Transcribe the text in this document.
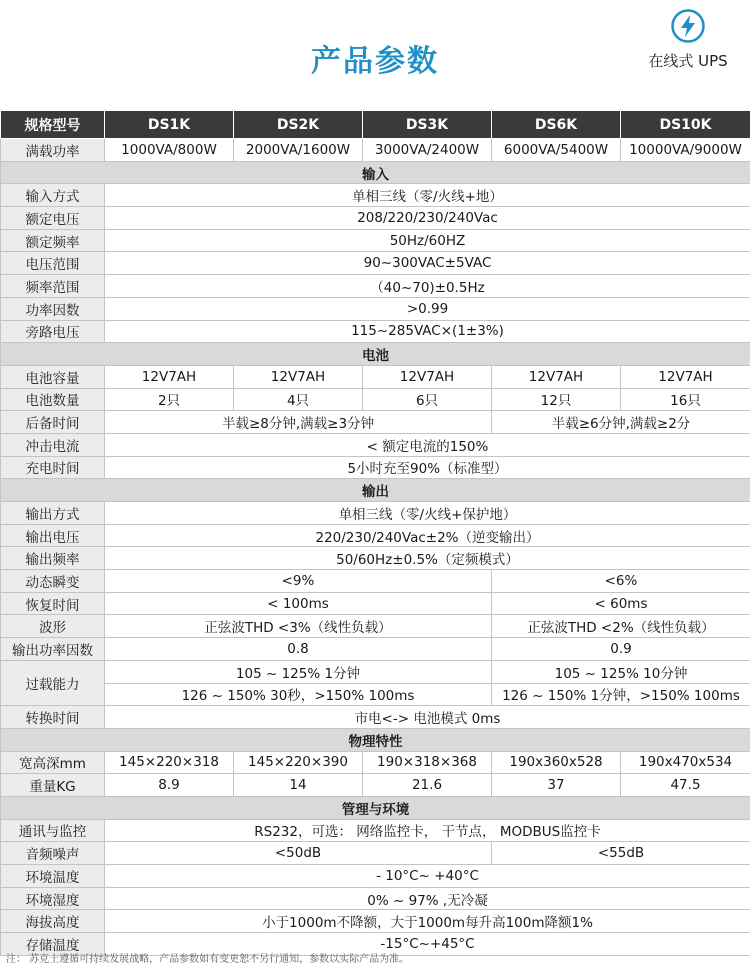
产品参数	在线式 UPS
规格型号	DS1K	DS2K	DS3K	DS6K	DS10K
满载功率	1000VA/800W	2000VA/1600W	3000VA/2400W	6000VA/5400W	10000VA/9000W
输入					
输入方式	单相三线（零/火线+地）				
额定电压	208/220/230/240Vac				
额定频率	50Hz/60HZ				
电压范围	90~300VAC±5VAC				
频率范围	（40~70)±0.5Hz				
功率因数	>0.99				
旁路电压	115~285VAC×(1±3%)				
电池					
电池容量	12V7AH	12V7AH	12V7AH	12V7AH	12V7AH
电池数量	2只	4只	6只	12只	16只
后备时间	半载≥8分钟,满载≥3分钟			半载≥6分钟,满载≥2分	
冲击电流	< 额定电流的150%				
充电时间	5小时充至90%（标准型）				
输出					
输出方式	单相三线（零/火线+保护地）				
输出电压	220/230/240Vac±2%（逆变输出）				
输出频率	50/60Hz±0.5%（定频模式）				
动态瞬变	<9%			<6%	
恢复时间	< 100ms			< 60ms	
波形	正弦波THD <3%（线性负载）			正弦波THD <2%（线性负载）	
输出功率因数	0.8			0.9	
过载能力	105 ~ 125% 1分钟			105 ~ 125% 10分钟	
	126 ~ 150% 30秒，>150% 100ms			126 ~ 150% 1分钟，>150% 100ms	
转换时间	市电<-> 电池模式 0ms				
物理特性					
宽高深mm	145×220×318	145×220×390	190×318×368	190x360x528	190x470x534
重量KG	8.9	14	21.6	37	47.5
管理与环境					
通讯与监控	RS232，可选： 网络监控卡， 干节点， MODBUS监控卡				
音频噪声	<50dB			<55dB	
环境温度	- 10°C~ +40°C				
环境湿度	0% ~ 97% ,无冷凝				
海拔高度	小于1000m不降额，大于1000m每升高100m降额1%				
存储温度	-15°C~+45°C				
注： 苏克士遵循可持续发展战略，产品参数如有变更恕不另行通知，参数以实际产品为准。
